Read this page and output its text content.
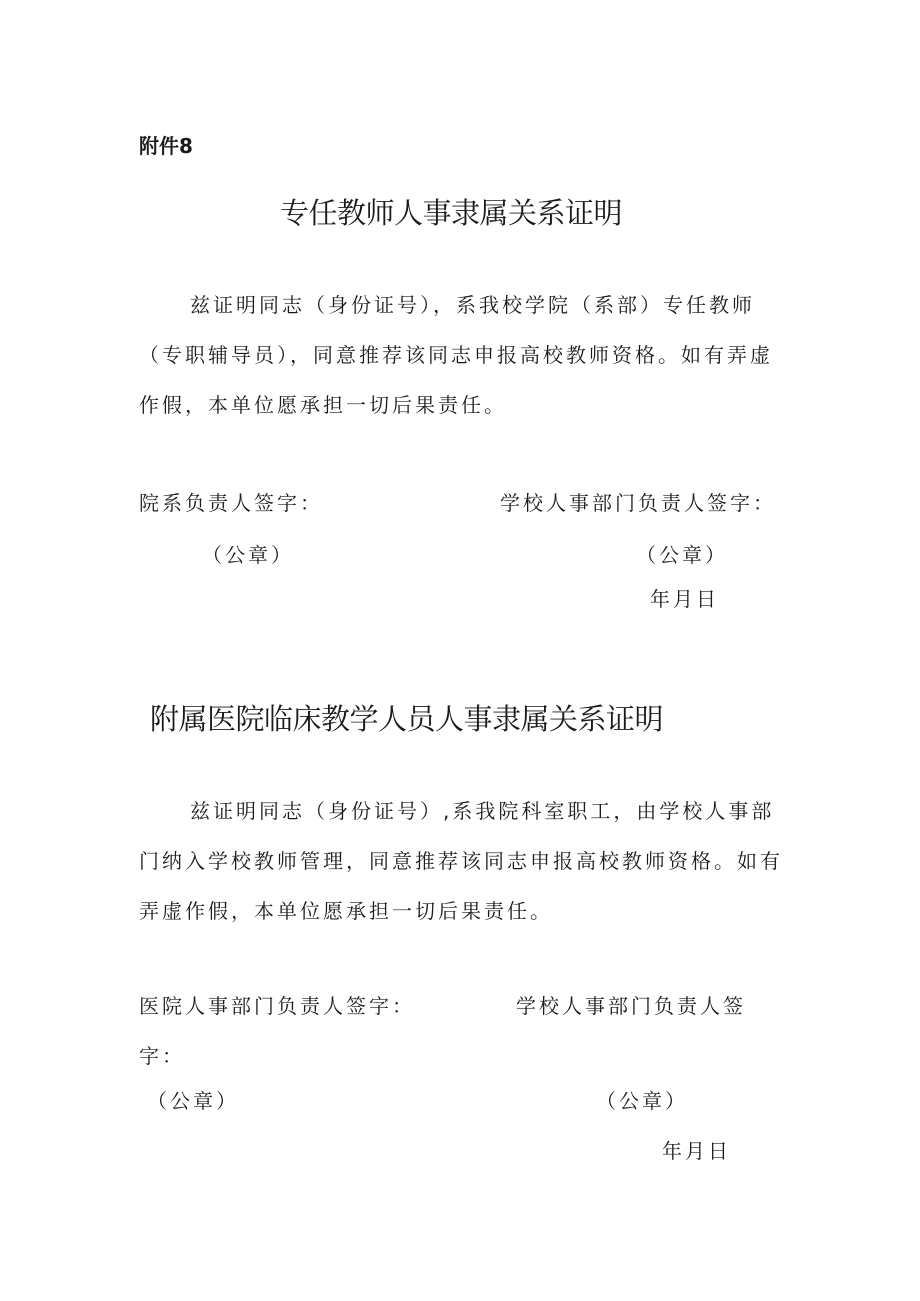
附件8
专任教师人事隶属关系证明
兹证明同志（身份证号），系我校学院（系部）专任教师
（专职辅导员），同意推荐该同志申报高校教师资格。如有弄虚
作假，本单位愿承担一切后果责任。
院系负责人签字：	学校人事部门负责人签字：
（公章）	（公章）
年月日
附属医院临床教学人员人事隶属关系证明
兹证明同志（身份证号）,系我院科室职工，由学校人事部
门纳入学校教师管理，同意推荐该同志申报高校教师资格。如有
弄虚作假，本单位愿承担一切后果责任。
医院人事部门负责人签字：	学校人事部门负责人签
字：
（公章）	（公章）
年月日
